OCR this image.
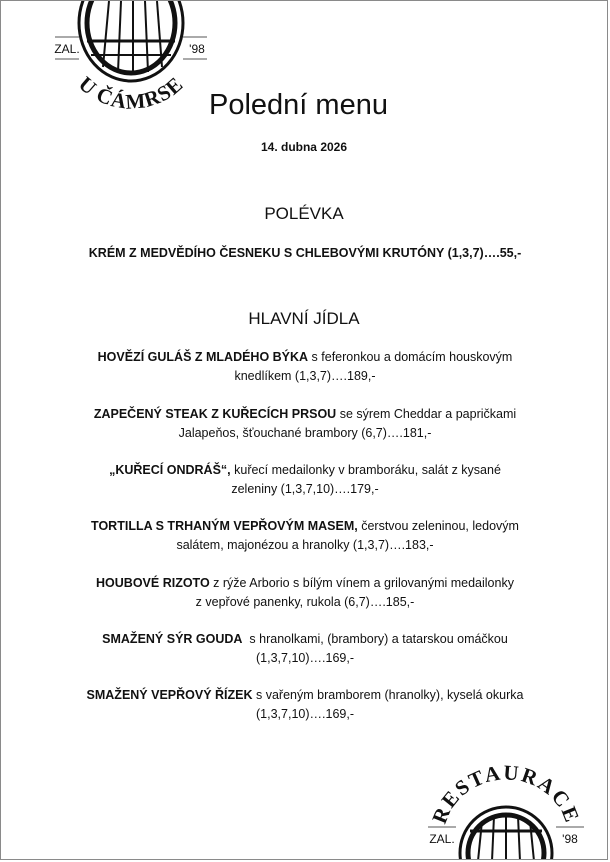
ZAL.	'98
U ČÁMRSE
Polední menu
14. dubna 2026
POLÉVKA
KRÉM Z MEDVĚDÍHO ČESNEKU S CHLEBOVÝMI KRUTÓNY (1,3,7)….55,-
HLAVNÍ JÍDLA
HOVĚZÍ GULÁŠ Z MLADÉHO BÝKA s feferonkou a domácím houskovým
knedlíkem (1,3,7)….189,-
ZAPEČENÝ STEAK Z KUŘECÍCH PRSOU se sýrem Cheddar a papričkami
Jalapeňos, šťouchané brambory (6,7)….181,-
„KUŘECÍ ONDRÁŠ“, kuřecí medailonky v bramboráku, salát z kysané
zeleniny (1,3,7,10)….179,-
TORTILLA S TRHANÝM VEPŘOVÝM MASEM, čerstvou zeleninou, ledovým
salátem, majonézou a hranolky (1,3,7)….183,-
HOUBOVÉ RIZOTO z rýže Arborio s bílým vínem a grilovanými medailonky
z vepřové panenky, rukola (6,7)….185,-
SMAŽENÝ SÝR GOUDA  s hranolkami, (brambory) a tatarskou omáčkou
(1,3,7,10)….169,-
SMAŽENÝ VEPŘOVÝ ŘÍZEK s vařeným bramborem (hranolky), kyselá okurka
(1,3,7,10)….169,-
RESTAURACE
ZAL.	'98
